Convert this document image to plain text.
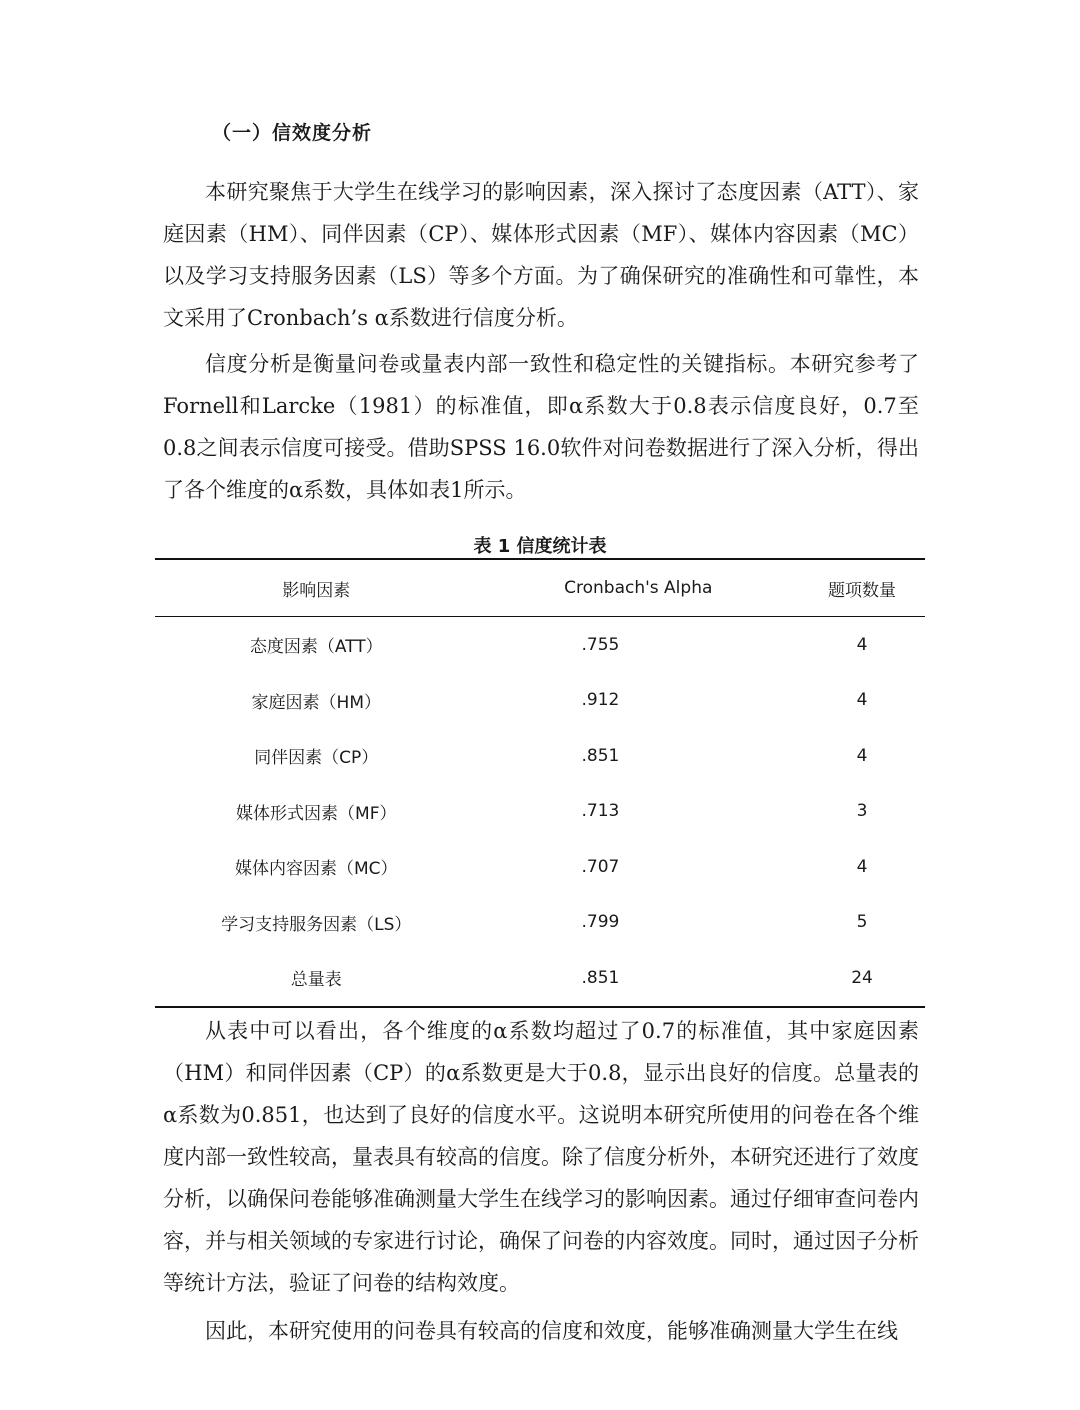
（一）信效度分析

本研究聚焦于大学生在线学习的影响因素，深入探讨了态度因素（ATT）、家庭因素（HM）、同伴因素（CP）、媒体形式因素（MF）、媒体内容因素（MC）以及学习支持服务因素（LS）等多个方面。为了确保研究的准确性和可靠性，本文采用了Cronbach’s α系数进行信度分析。

信度分析是衡量问卷或量表内部一致性和稳定性的关键指标。本研究参考了Fornell和Larcke（1981）的标准值，即α系数大于0.8表示信度良好，0.7至0.8之间表示信度可接受。借助SPSS 16.0软件对问卷数据进行了深入分析，得出了各个维度的α系数，具体如表1所示。

表 1 信度统计表
影响因素	Cronbach's Alpha	题项数量
态度因素（ATT）	.755	4
家庭因素（HM）	.912	4
同伴因素（CP）	.851	4
媒体形式因素（MF）	.713	3
媒体内容因素（MC）	.707	4
学习支持服务因素（LS）	.799	5
总量表	.851	24

从表中可以看出，各个维度的α系数均超过了0.7的标准值，其中家庭因素（HM）和同伴因素（CP）的α系数更是大于0.8，显示出良好的信度。总量表的α系数为0.851，也达到了良好的信度水平。这说明本研究所使用的问卷在各个维度内部一致性较高，量表具有较高的信度。除了信度分析外，本研究还进行了效度分析，以确保问卷能够准确测量大学生在线学习的影响因素。通过仔细审查问卷内容，并与相关领域的专家进行讨论，确保了问卷的内容效度。同时，通过因子分析等统计方法，验证了问卷的结构效度。

因此，本研究使用的问卷具有较高的信度和效度，能够准确测量大学生在线
